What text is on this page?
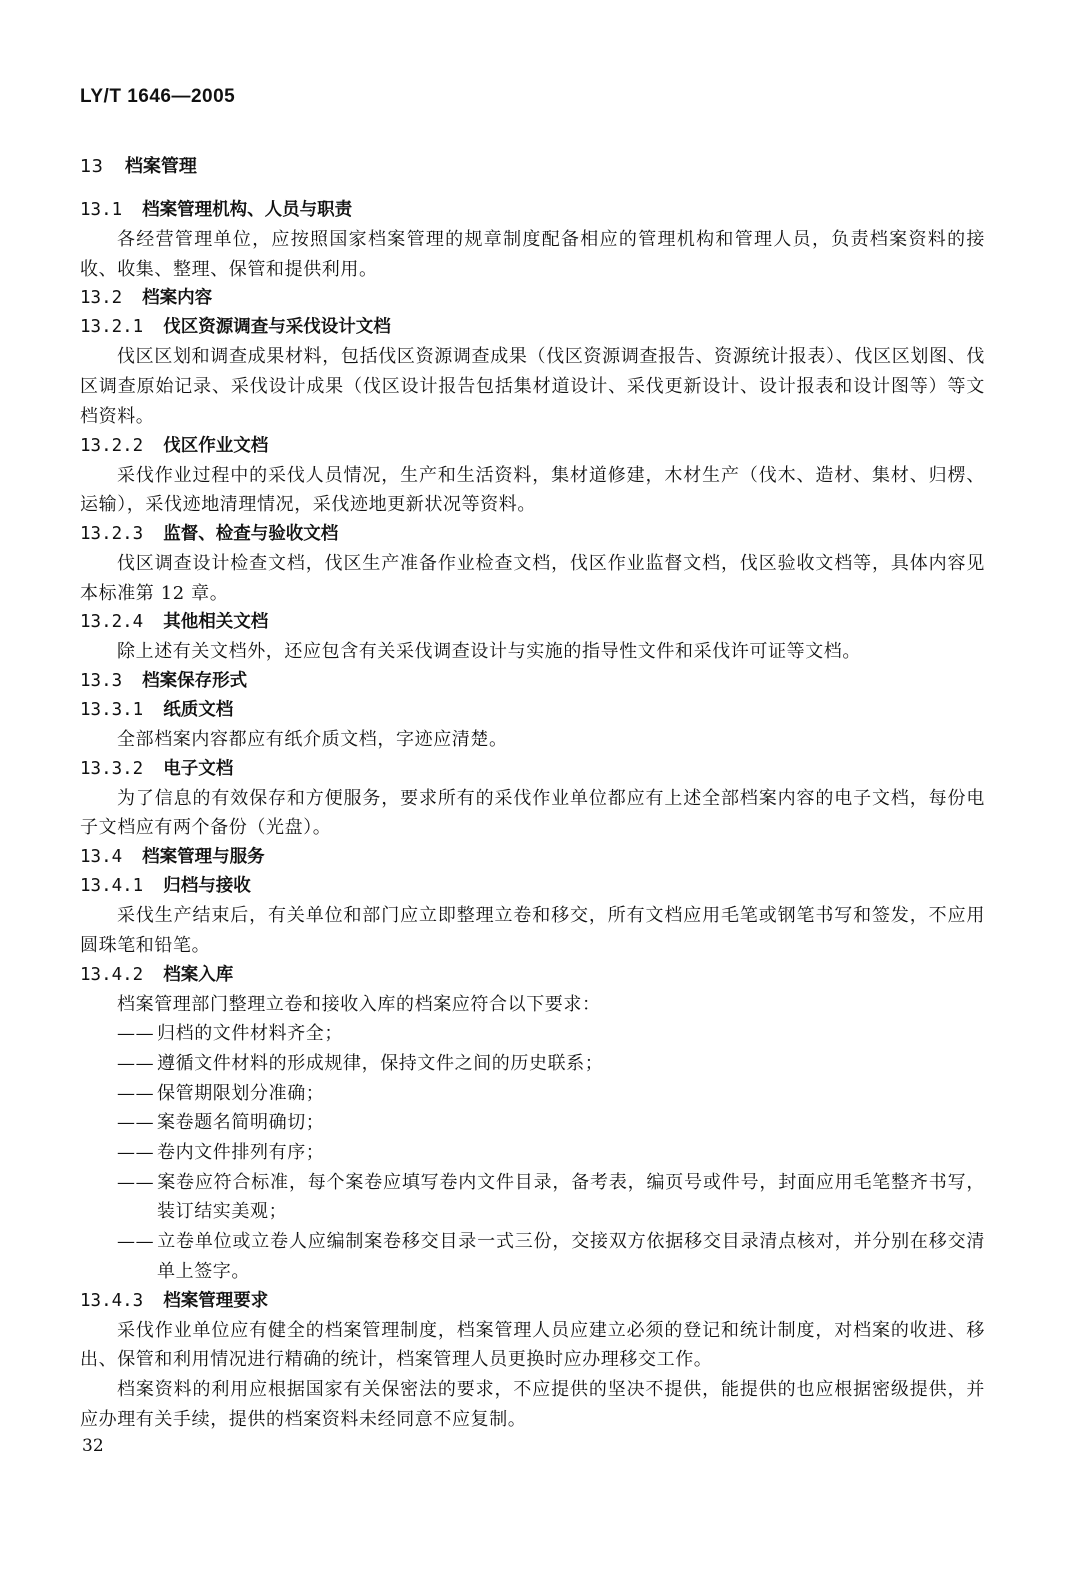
LY/T 1646—2005
13 档案管理
13.1 档案管理机构、人员与职责
各经营管理单位，应按照国家档案管理的规章制度配备相应的管理机构和管理人员，负责档案资料的接收、收集、整理、保管和提供利用。
13.2 档案内容
13.2.1 伐区资源调查与采伐设计文档
伐区区划和调查成果材料，包括伐区资源调查成果（伐区资源调查报告、资源统计报表）、伐区区划图、伐区调查原始记录、采伐设计成果（伐区设计报告包括集材道设计、采伐更新设计、设计报表和设计图等）等文档资料。
13.2.2 伐区作业文档
采伐作业过程中的采伐人员情况，生产和生活资料，集材道修建，木材生产（伐木、造材、集材、归楞、运输），采伐迹地清理情况，采伐迹地更新状况等资料。
13.2.3 监督、检查与验收文档
伐区调查设计检查文档，伐区生产准备作业检查文档，伐区作业监督文档，伐区验收文档等，具体内容见本标准第 12 章。
13.2.4 其他相关文档
除上述有关文档外，还应包含有关采伐调查设计与实施的指导性文件和采伐许可证等文档。
13.3 档案保存形式
13.3.1 纸质文档
全部档案内容都应有纸介质文档，字迹应清楚。
13.3.2 电子文档
为了信息的有效保存和方便服务，要求所有的采伐作业单位都应有上述全部档案内容的电子文档，每份电子文档应有两个备份（光盘）。
13.4 档案管理与服务
13.4.1 归档与接收
采伐生产结束后，有关单位和部门应立即整理立卷和移交，所有文档应用毛笔或钢笔书写和签发，不应用圆珠笔和铅笔。
13.4.2 档案入库
档案管理部门整理立卷和接收入库的档案应符合以下要求：
—— 归档的文件材料齐全；
—— 遵循文件材料的形成规律，保持文件之间的历史联系；
—— 保管期限划分准确；
—— 案卷题名简明确切；
—— 卷内文件排列有序；
—— 案卷应符合标准，每个案卷应填写卷内文件目录，备考表，编页号或件号，封面应用毛笔整齐书写，装订结实美观；
—— 立卷单位或立卷人应编制案卷移交目录一式三份，交接双方依据移交目录清点核对，并分别在移交清单上签字。
13.4.3 档案管理要求
采伐作业单位应有健全的档案管理制度，档案管理人员应建立必须的登记和统计制度，对档案的收进、移出、保管和利用情况进行精确的统计，档案管理人员更换时应办理移交工作。
档案资料的利用应根据国家有关保密法的要求，不应提供的坚决不提供，能提供的也应根据密级提供，并应办理有关手续，提供的档案资料未经同意不应复制。
32
